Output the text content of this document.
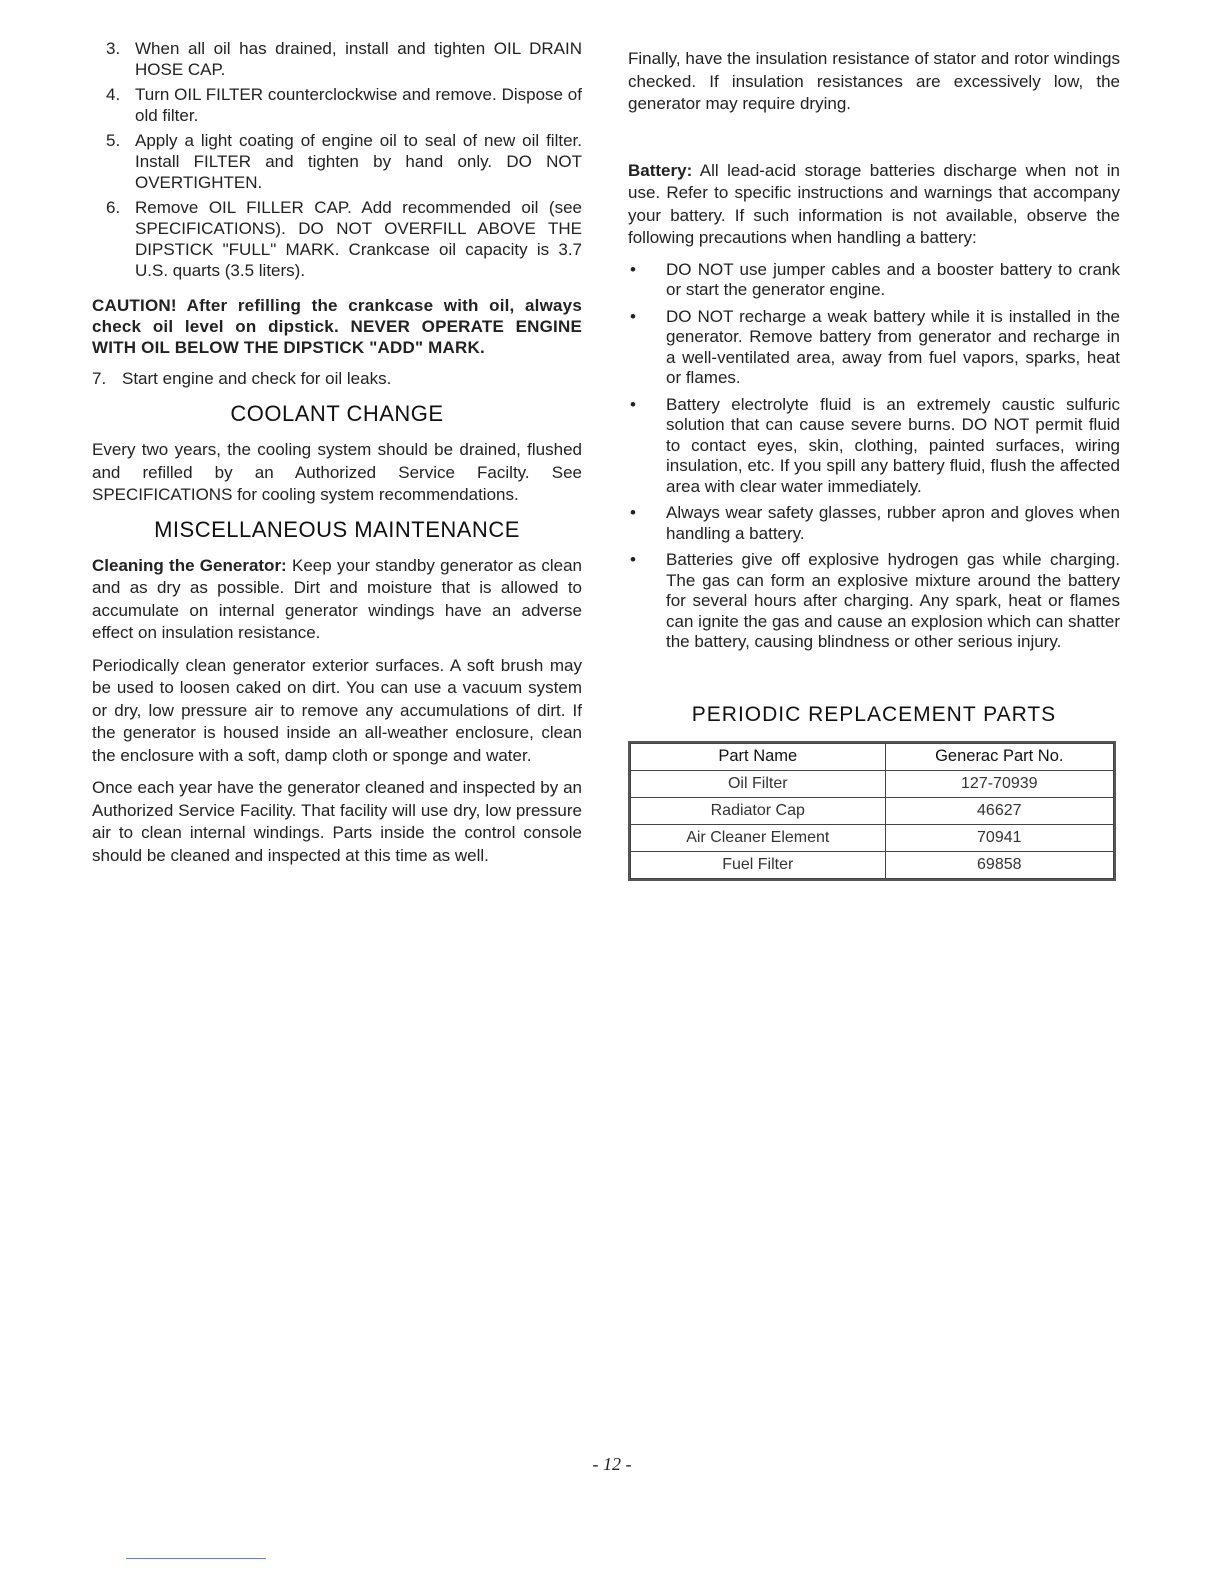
3. When all oil has drained, install and tighten OIL DRAIN HOSE CAP.
4. Turn OIL FILTER counterclockwise and remove. Dispose of old filter.
5. Apply a light coating of engine oil to seal of new oil filter. Install FILTER and tighten by hand only. DO NOT OVERTIGHTEN.
6. Remove OIL FILLER CAP. Add recommended oil (see SPECIFICATIONS). DO NOT OVERFILL ABOVE THE DIPSTICK "FULL" MARK. Crankcase oil capacity is 3.7 U.S. quarts (3.5 liters).

CAUTION! After refilling the crankcase with oil, always check oil level on dipstick. NEVER OPERATE ENGINE WITH OIL BELOW THE DIPSTICK "ADD" MARK.

7. Start engine and check for oil leaks.

COOLANT CHANGE

Every two years, the cooling system should be drained, flushed and refilled by an Authorized Service Facilty. See SPECIFICATIONS for cooling system recommendations.

MISCELLANEOUS MAINTENANCE

Cleaning the Generator: Keep your standby generator as clean and as dry as possible. Dirt and moisture that is allowed to accumulate on internal generator windings have an adverse effect on insulation resistance.

Periodically clean generator exterior surfaces. A soft brush may be used to loosen caked on dirt. You can use a vacuum system or dry, low pressure air to remove any accumulations of dirt. If the generator is housed inside an all-weather enclosure, clean the enclosure with a soft, damp cloth or sponge and water.

Once each year have the generator cleaned and inspected by an Authorized Service Facility. That facility will use dry, low pressure air to clean internal windings. Parts inside the control console should be cleaned and inspected at this time as well.

Finally, have the insulation resistance of stator and rotor windings checked. If insulation resistances are excessively low, the generator may require drying.

Battery: All lead-acid storage batteries discharge when not in use. Refer to specific instructions and warnings that accompany your battery. If such information is not available, observe the following precautions when handling a battery:

• DO NOT use jumper cables and a booster battery to crank or start the generator engine.
• DO NOT recharge a weak battery while it is installed in the generator. Remove battery from generator and recharge in a well-ventilated area, away from fuel vapors, sparks, heat or flames.
• Battery electrolyte fluid is an extremely caustic sulfuric solution that can cause severe burns. DO NOT permit fluid to contact eyes, skin, clothing, painted surfaces, wiring insulation, etc. If you spill any battery fluid, flush the affected area with clear water immediately.
• Always wear safety glasses, rubber apron and gloves when handling a battery.
• Batteries give off explosive hydrogen gas while charging. The gas can form an explosive mixture around the battery for several hours after charging. Any spark, heat or flames can ignite the gas and cause an explosion which can shatter the battery, causing blindness or other serious injury.
PERIODIC REPLACEMENT PARTS
Part Name	Generac Part No.
Oil Filter	127-70939
Radiator Cap	46627
Air Cleaner Element	70941
Fuel Filter	69858
- 12 -
